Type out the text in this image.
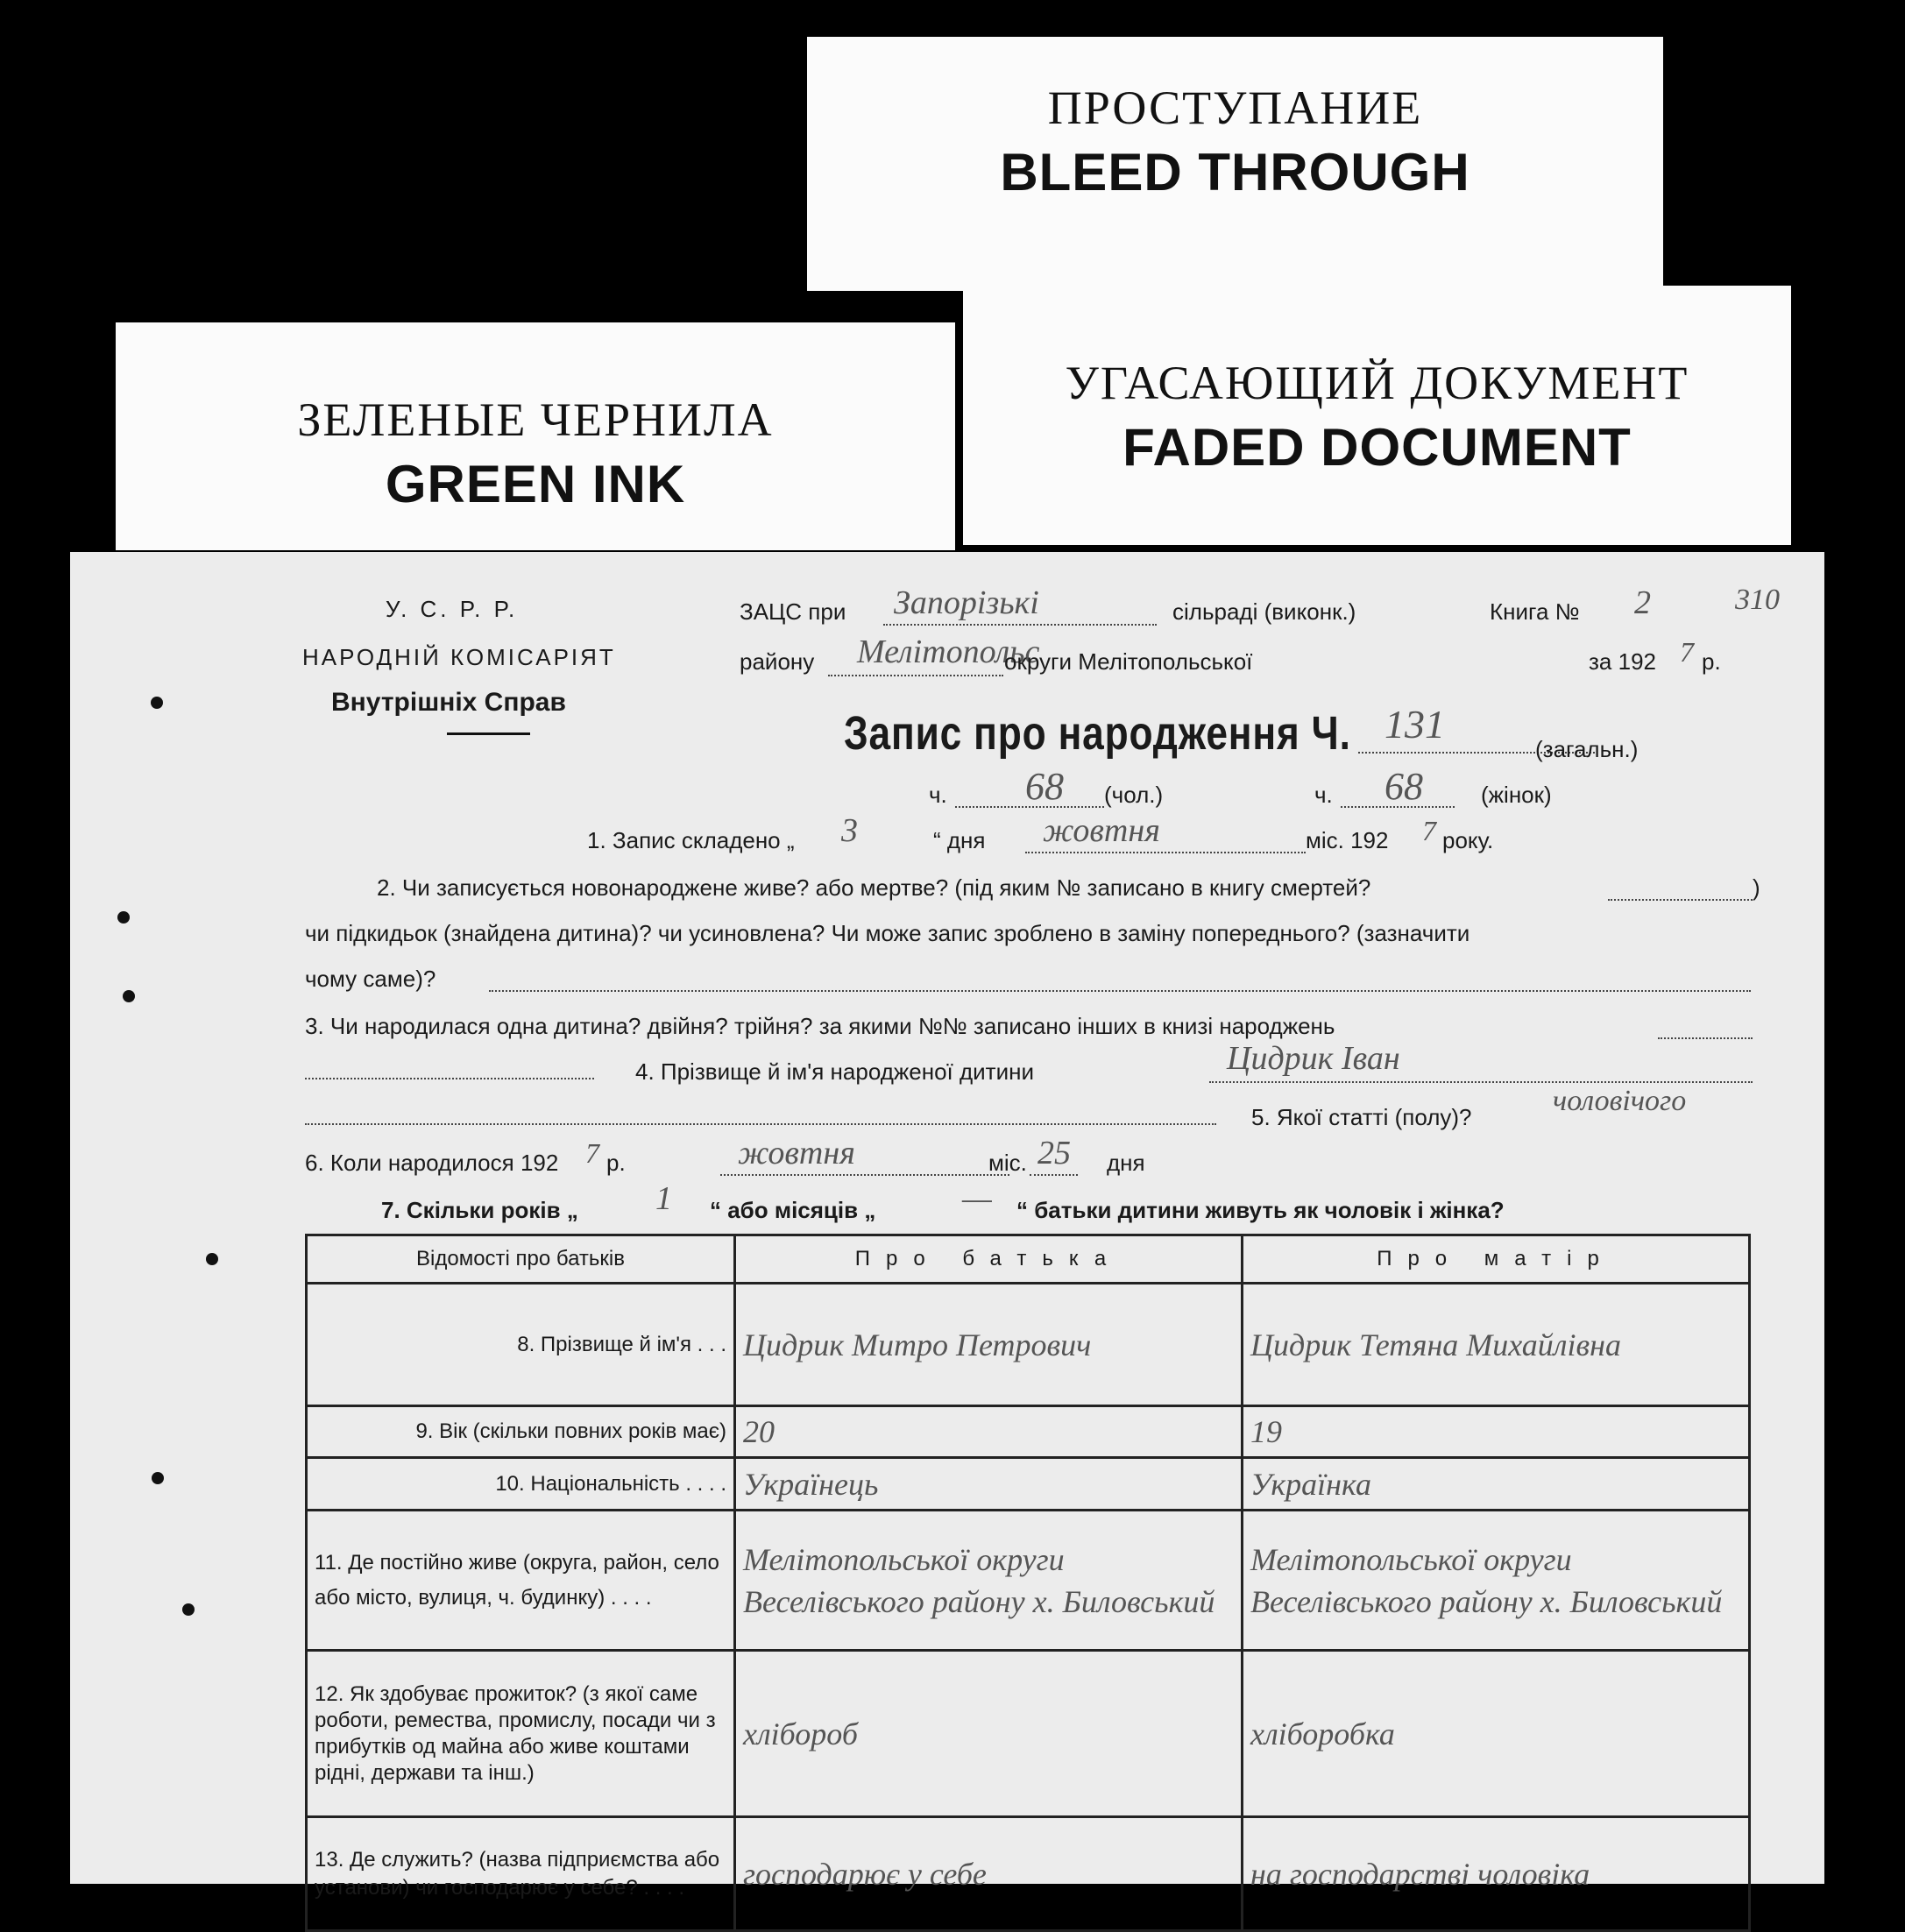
ПРОСТУПАНИЕ
BLEED THROUGH
ЗЕЛЕНЫЕ ЧЕРНИЛА
GREEN INK
УГАСАЮЩИЙ ДОКУМЕНТ
FADED DOCUMENT
У. С. Р. Р.
НАРОДНІЙ КОМІСАРІЯТ
Внутрішніх Справ
ЗАЦС при Запорізькі	сільраді (виконк.)
району Мелітопольс
округи Мелітопольської
Книга № 2	310
за 192 7 р.
Запис про народження Ч. 131
(загальн.)
ч. 68 (чол.)	ч. 68	(жінок)
1. Запис складено „ 3	“ дня жовтня	міс. 192 7 року.
2. Чи записується новонароджене живе? або мертве? (під яким № записано в книгу смертей?	)
чи підкидьок (знайдена дитина)? чи усиновлена? Чи може запис зроблено в заміну попереднього? (зазначити
чому саме)?
3. Чи народилася одна дитина? двійня? трійня? за якими №№ записано інших в книзі народжень
4. Прізвище й ім'я народженої дитини	Цидрик Іван
5. Якої статті (полу)?	чоловічого
6. Коли народилося 192 7 р.	жовтня	міс. 25 дня
7. Скільки років „ 1 “ або місяців „	— “ батьки дитини живуть як чоловік і жінка?
Відомості про батьків	Про батька	Про матір
8. Прізвище й ім'я . . .	Цидрик Митро Петрович	Цидрик Тетяна Михайлівна
9. Вік (скільки повних років має)	20	19
10. Національність . . . .	Українець	Українка
11. Де постійно живе (округа, район, село або місто, вулиця, ч. будинку) . . . .	Мелітопольської округи Веселівського району х. Биловський	Мелітопольської округи Веселівського району х. Биловський
12. Як здобуває прожиток? (з якої саме роботи, ремества, промислу, посади чи з прибутків од майна або живе коштами рідні, держави та інш.)	хлібороб	хліборобка
13. Де служить? (назва підприємства або установи) чи господарює у себе? . . . .	господарює у себе	на господарстві чоловіка
